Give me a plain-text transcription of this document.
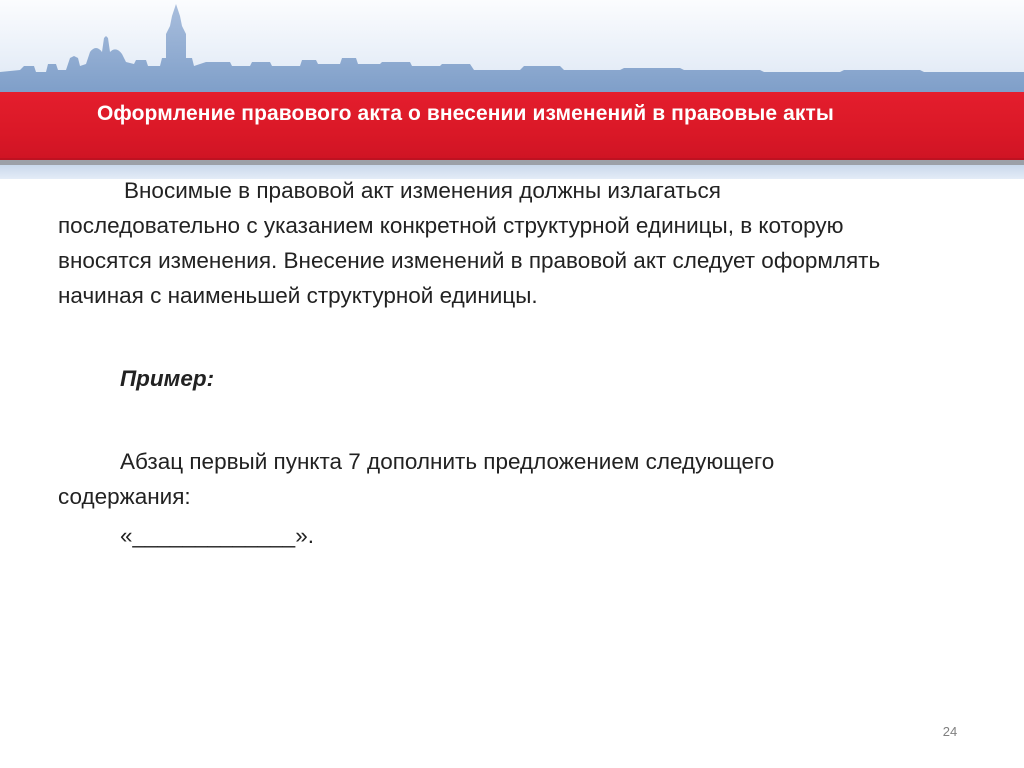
Оформление правового акта о внесении изменений в правовые акты

Вносимые в правовой акт изменения должны излагаться последовательно с указанием конкретной структурной единицы, в которую вносятся изменения. Внесение изменений в правовой акт следует оформлять начиная с наименьшей структурной единицы.

Пример:

Абзац первый пункта 7 дополнить предложением следующего содержания:

«_____________».

24
